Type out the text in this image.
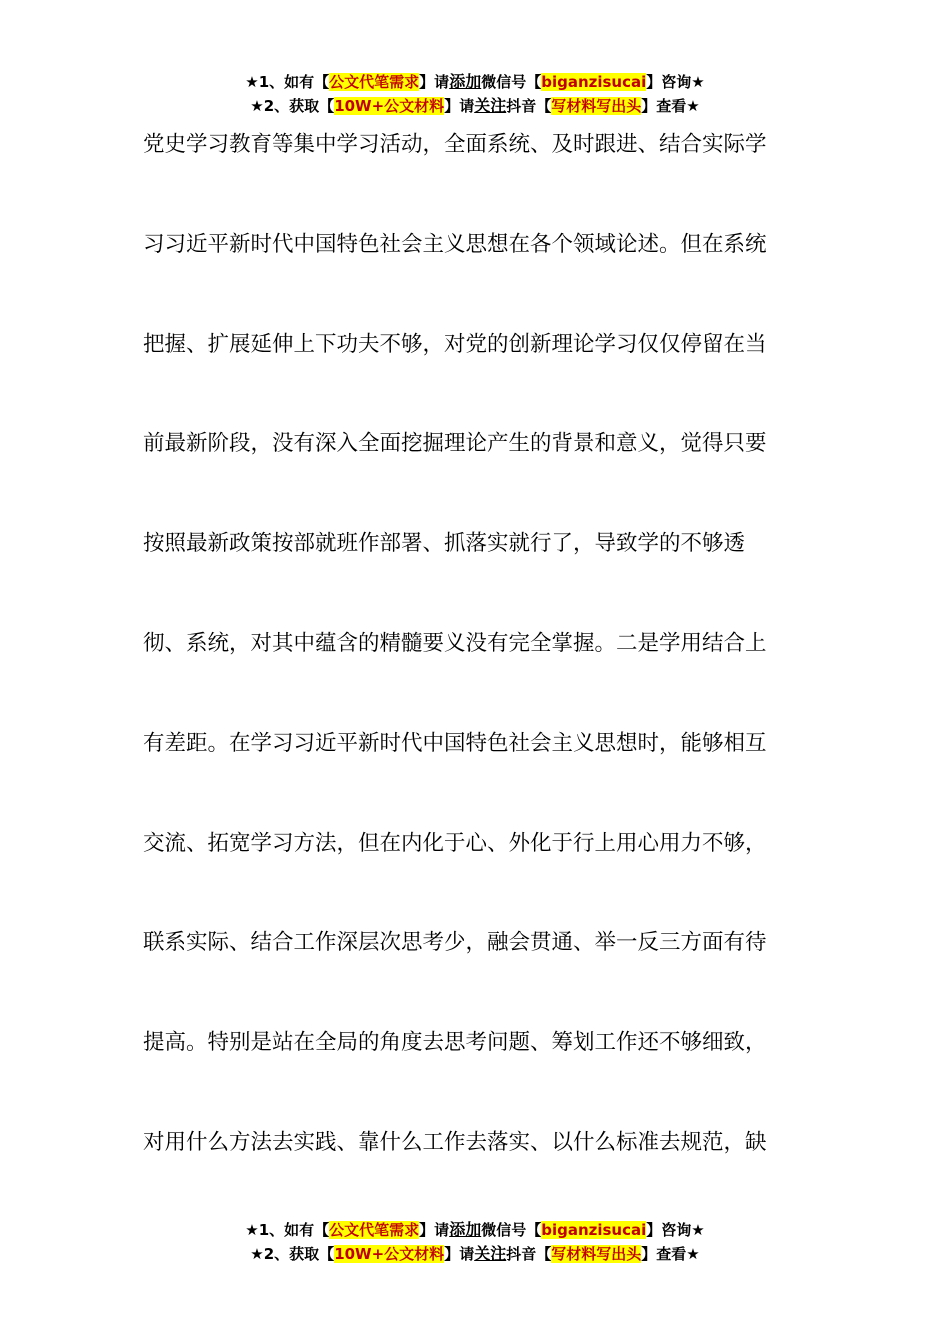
★1、如有【公文代笔需求】请添加微信号【biganzisucai】咨询★
★2、获取【10W+公文材料】请关注抖音【写材料写出头】查看★
党史学习教育等集中学习活动，全面系统、及时跟进、结合实际学
习习近平新时代中国特色社会主义思想在各个领域论述。但在系统
把握、扩展延伸上下功夫不够，对党的创新理论学习仅仅停留在当
前最新阶段，没有深入全面挖掘理论产生的背景和意义，觉得只要
按照最新政策按部就班作部署、抓落实就行了，导致学的不够透
彻、系统，对其中蕴含的精髓要义没有完全掌握。二是学用结合上
有差距。在学习习近平新时代中国特色社会主义思想时，能够相互
交流、拓宽学习方法，但在内化于心、外化于行上用心用力不够，
联系实际、结合工作深层次思考少，融会贯通、举一反三方面有待
提高。特别是站在全局的角度去思考问题、筹划工作还不够细致，
对用什么方法去实践、靠什么工作去落实、以什么标准去规范，缺
★1、如有【公文代笔需求】请添加微信号【biganzisucai】咨询★
★2、获取【10W+公文材料】请关注抖音【写材料写出头】查看★
